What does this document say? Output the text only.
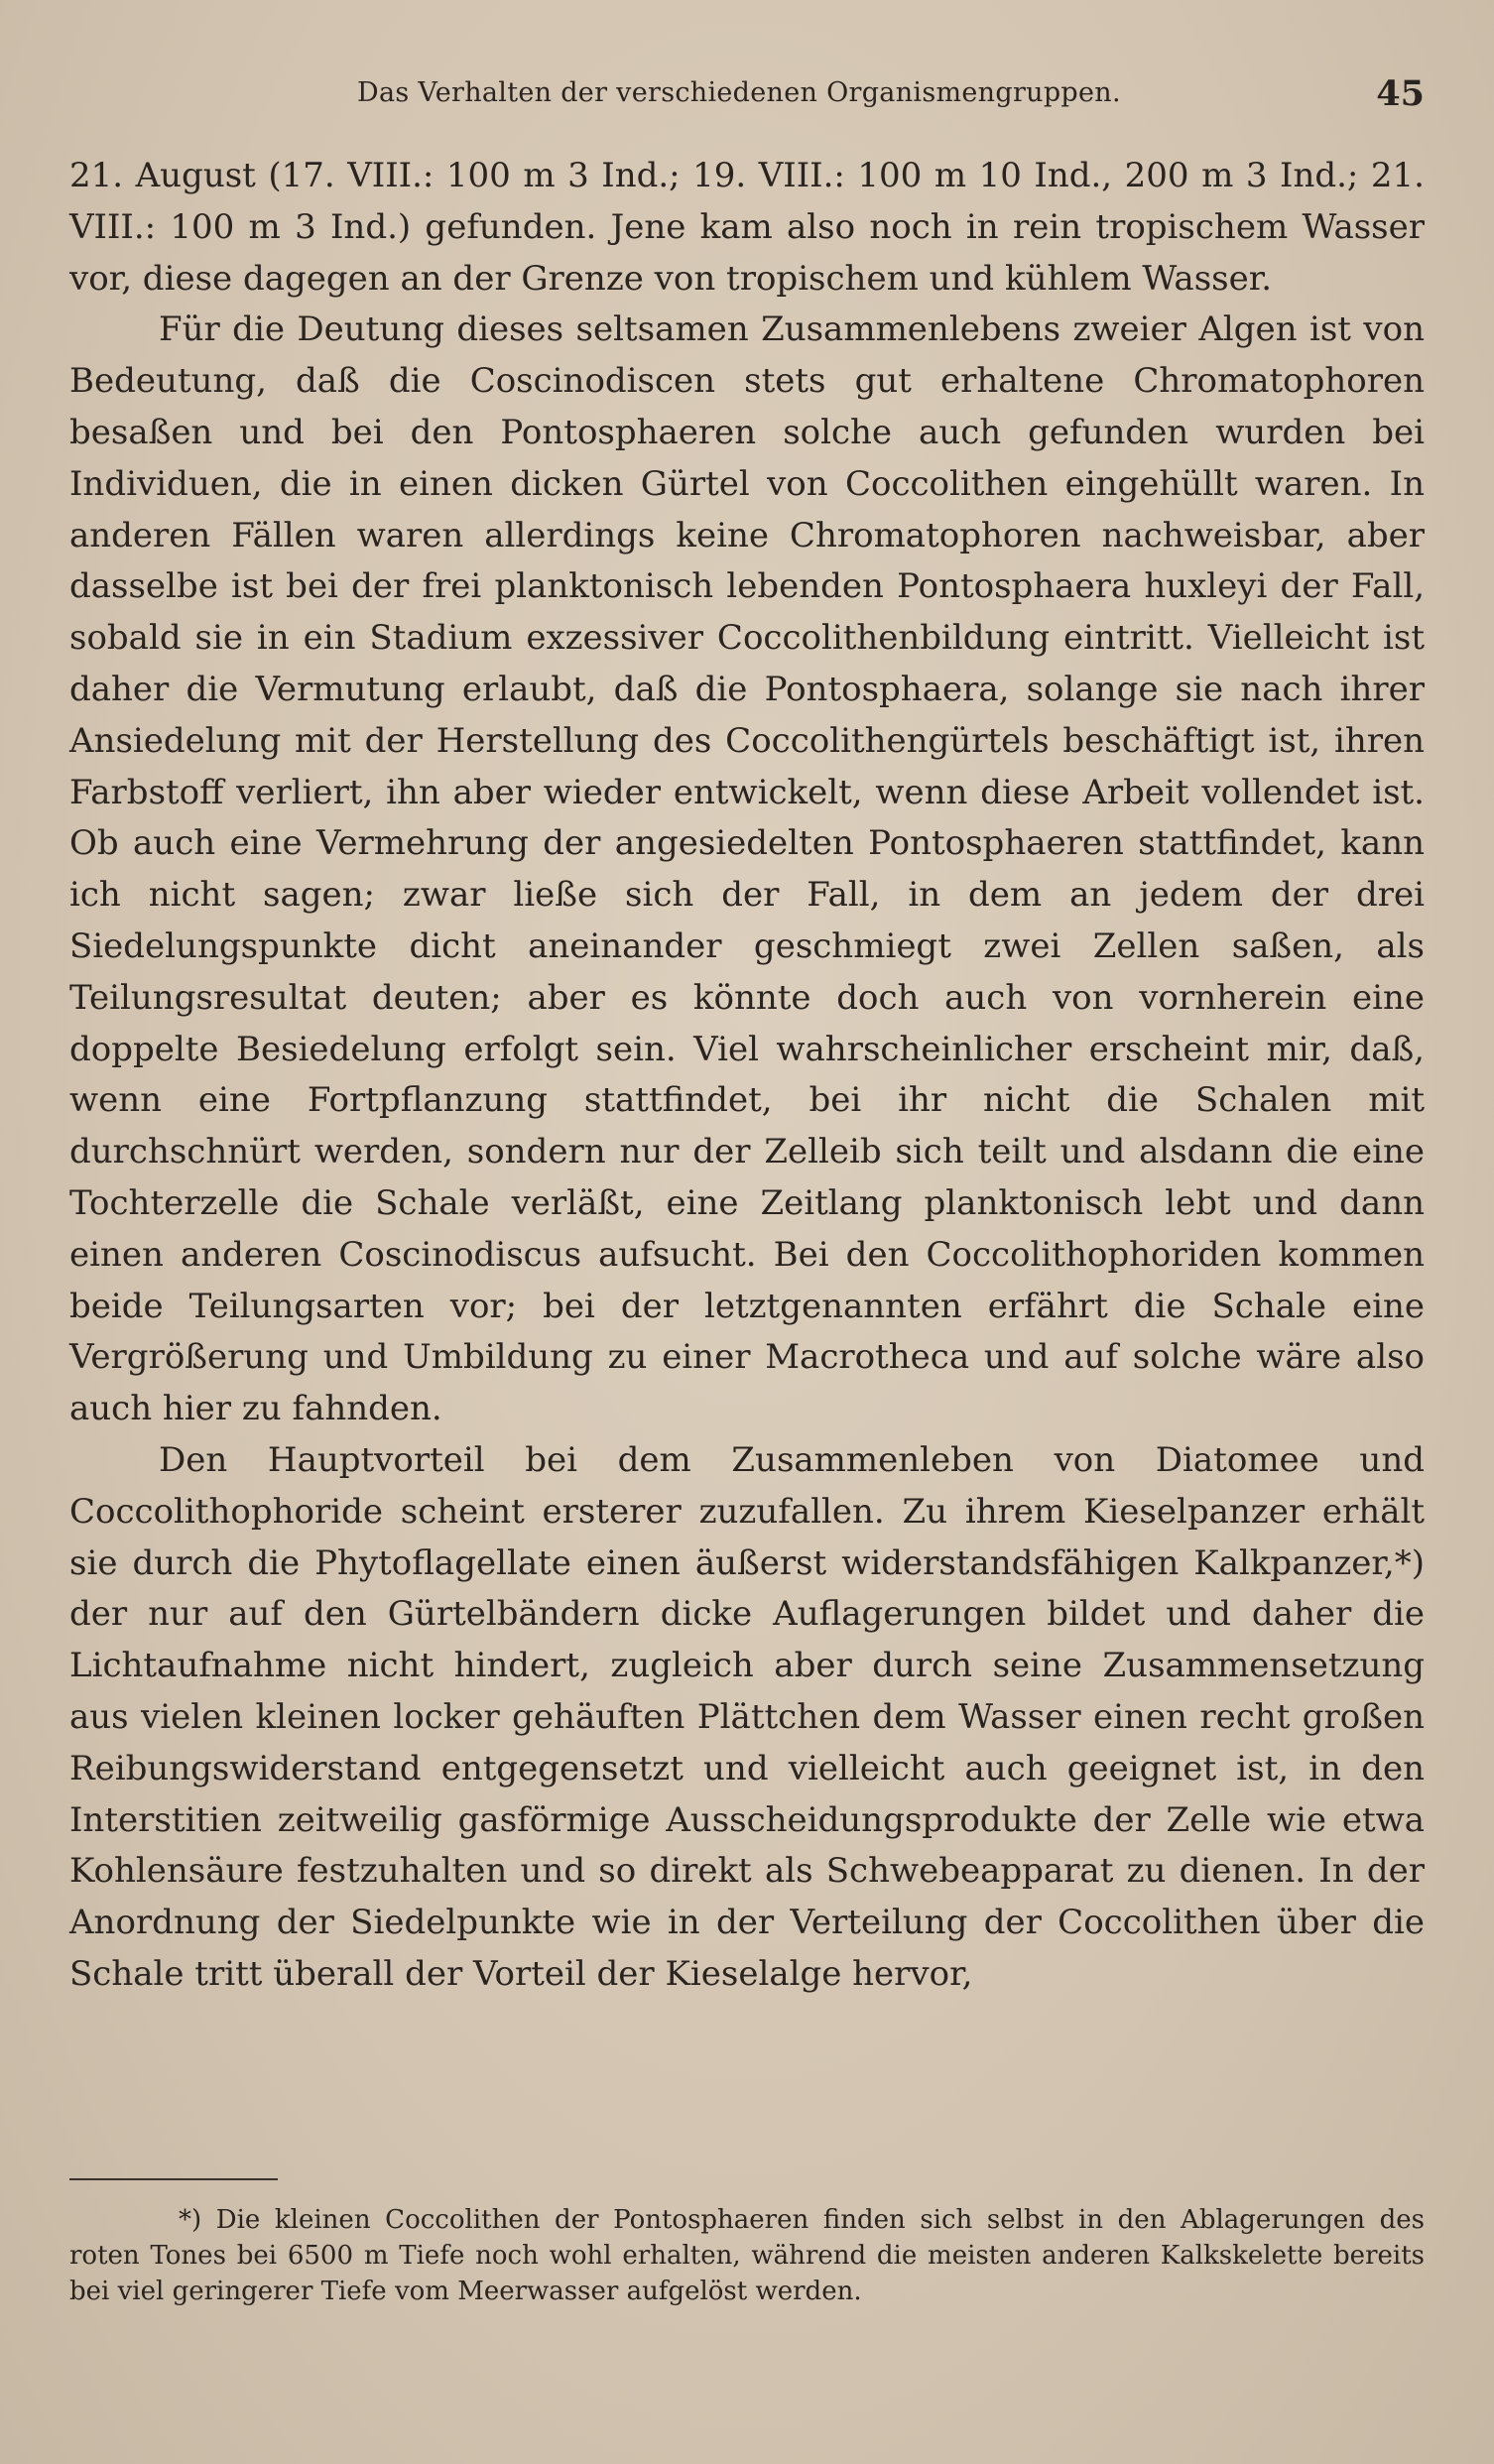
Das Verhalten der verschiedenen Organismengruppen.	45

21. August (17. VIII.: 100 m 3 Ind.; 19. VIII.: 100 m 10 Ind., 200 m 3 Ind.; 21. VIII.: 100 m 3 Ind.) gefunden. Jene kam also noch in rein tropischem Wasser vor, diese dagegen an der Grenze von tropischem und kühlem Wasser.

Für die Deutung dieses seltsamen Zusammenlebens zweier Algen ist von Bedeutung, daß die Coscinodiscen stets gut erhaltene Chromatophoren besaßen und bei den Pontosphaeren solche auch gefunden wurden bei Individuen, die in einen dicken Gürtel von Coccolithen eingehüllt waren. In anderen Fällen waren allerdings keine Chromatophoren nachweisbar, aber dasselbe ist bei der frei planktonisch lebenden Pontosphaera huxleyi der Fall, sobald sie in ein Stadium exzessiver Coccolithenbildung eintritt. Vielleicht ist daher die Vermutung erlaubt, daß die Pontosphaera, solange sie nach ihrer Ansiedelung mit der Herstellung des Coccolithengürtels beschäftigt ist, ihren Farbstoff verliert, ihn aber wieder entwickelt, wenn diese Arbeit vollendet ist. Ob auch eine Vermehrung der angesiedelten Pontosphaeren stattfindet, kann ich nicht sagen; zwar ließe sich der Fall, in dem an jedem der drei Siedelungspunkte dicht aneinander geschmiegt zwei Zellen saßen, als Teilungsresultat deuten; aber es könnte doch auch von vornherein eine doppelte Besiedelung erfolgt sein. Viel wahrscheinlicher erscheint mir, daß, wenn eine Fortpflanzung stattfindet, bei ihr nicht die Schalen mit durchschnürt werden, sondern nur der Zelleib sich teilt und alsdann die eine Tochterzelle die Schale verläßt, eine Zeitlang planktonisch lebt und dann einen anderen Coscinodiscus aufsucht. Bei den Coccolithophoriden kommen beide Teilungsarten vor; bei der letztgenannten erfährt die Schale eine Vergrößerung und Umbildung zu einer Macrotheca und auf solche wäre also auch hier zu fahnden.

Den Hauptvorteil bei dem Zusammenleben von Diatomee und Coccolithophoride scheint ersterer zuzufallen. Zu ihrem Kieselpanzer erhält sie durch die Phytoflagellate einen äußerst widerstandsfähigen Kalkpanzer,*) der nur auf den Gürtelbändern dicke Auflagerungen bildet und daher die Lichtaufnahme nicht hindert, zugleich aber durch seine Zusammensetzung aus vielen kleinen locker gehäuften Plättchen dem Wasser einen recht großen Reibungswiderstand entgegensetzt und vielleicht auch geeignet ist, in den Interstitien zeitweilig gasförmige Ausscheidungsprodukte der Zelle wie etwa Kohlensäure festzuhalten und so direkt als Schwebeapparat zu dienen. In der Anordnung der Siedelpunkte wie in der Verteilung der Coccolithen über die Schale tritt überall der Vorteil der Kieselalge hervor,

*) Die kleinen Coccolithen der Pontosphaeren finden sich selbst in den Ablagerungen des roten Tones bei 6500 m Tiefe noch wohl erhalten, während die meisten anderen Kalkskelette bereits bei viel geringerer Tiefe vom Meerwasser aufgelöst werden.
